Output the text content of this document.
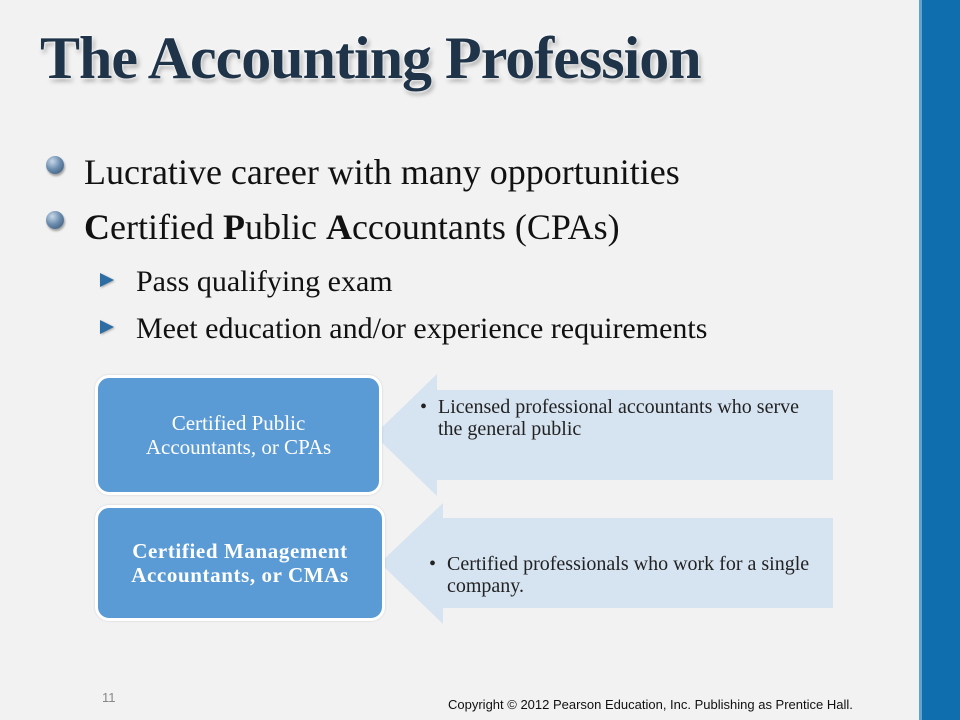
The Accounting Profession
Lucrative career with many opportunities
Certified Public Accountants (CPAs)
Pass qualifying exam
Meet education and/or experience requirements
Certified Public Accountants, or CPAs
• Licensed professional accountants who serve the general public
Certified Management Accountants, or CMAs	• Certified professionals who work for a single company.
11	Copyright © 2012 Pearson Education, Inc. Publishing as Prentice Hall.
